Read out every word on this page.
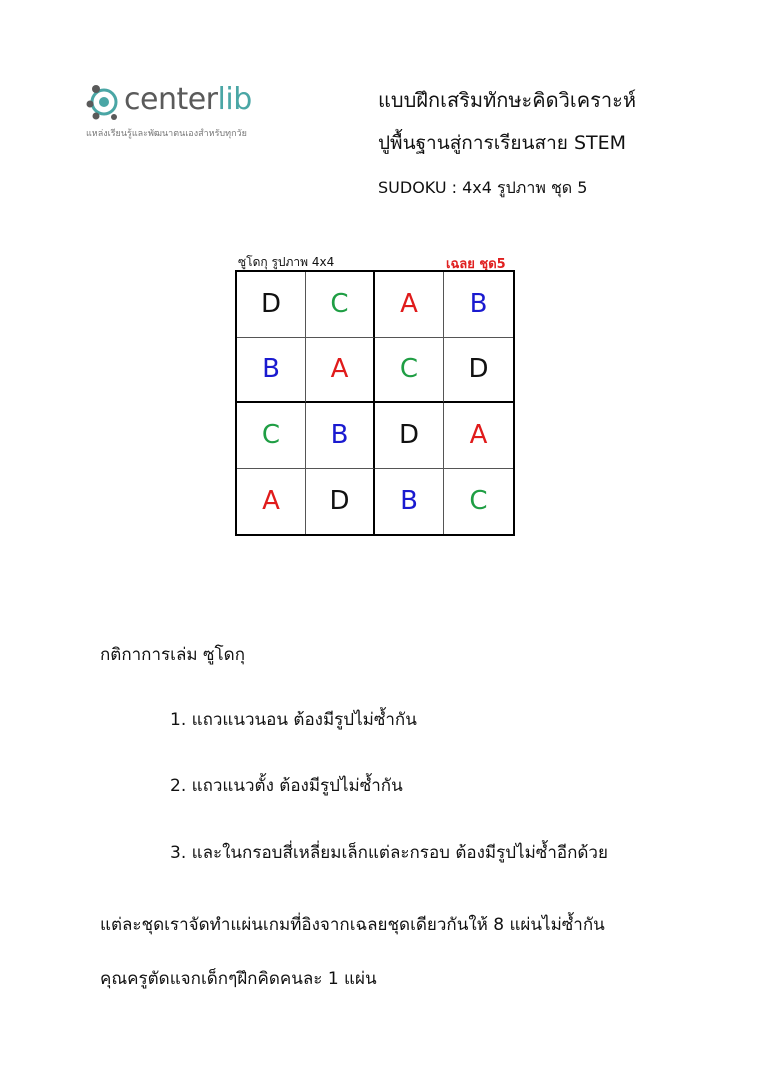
centerlib
แหล่งเรียนรู้และพัฒนาตนเองสำหรับทุกวัย
แบบฝึกเสริมทักษะคิดวิเคราะห์
ปูพื้นฐานสู่การเรียนสาย STEM
SUDOKU : 4x4 รูปภาพ ชุด 5
ซูโดกุ รูปภาพ 4x4	เฉลย ชุด5
D	C	A	B
B	A	C	D
C	B	D	A
A	D	B	C
กติกาการเล่ม ซูโดกุ
1. แถวแนวนอน ต้องมีรูปไม่ซ้ำกัน
2. แถวแนวตั้ง ต้องมีรูปไม่ซ้ำกัน
3. และในกรอบสี่เหลี่ยมเล็กแต่ละกรอบ ต้องมีรูปไม่ซ้ำอีกด้วย
แต่ละชุดเราจัดทำแผ่นเกมที่อิงจากเฉลยชุดเดียวกันให้ 8 แผ่นไม่ซ้ำกัน
คุณครูตัดแจกเด็กๆฝึกคิดคนละ 1 แผ่น
